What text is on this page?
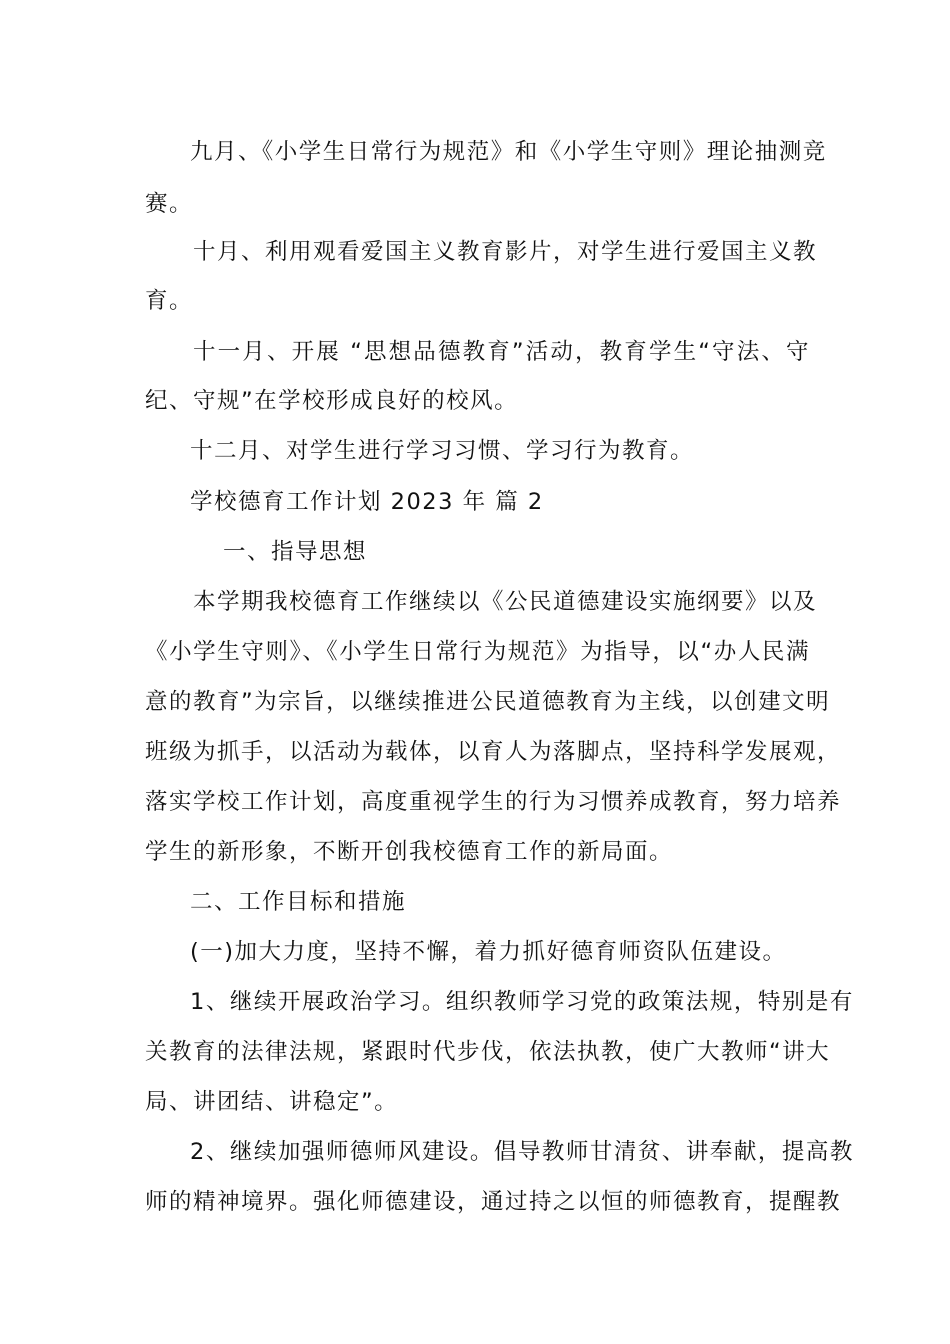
九月、《小学生日常行为规范》和《小学生守则》理论抽测竞
赛。
十月、利用观看爱国主义教育影片，对学生进行爱国主义教
育。
十一月、开展 “思想品德教育”活动，教育学生“守法、守
纪、守规”在学校形成良好的校风。
十二月、对学生进行学习习惯、学习行为教育。
学校德育工作计划 2023 年 篇 2
一、指导思想
本学期我校德育工作继续以《公民道德建设实施纲要》以及
《小学生守则》、《小学生日常行为规范》为指导，以“办人民满
意的教育”为宗旨，以继续推进公民道德教育为主线，以创建文明
班级为抓手，以活动为载体，以育人为落脚点，坚持科学发展观，
落实学校工作计划，高度重视学生的行为习惯养成教育，努力培养
学生的新形象，不断开创我校德育工作的新局面。
二、工作目标和措施
(一)加大力度，坚持不懈，着力抓好德育师资队伍建设。
1、继续开展政治学习。组织教师学习党的政策法规，特别是有
关教育的法律法规，紧跟时代步伐，依法执教，使广大教师“讲大
局、讲团结、讲稳定”。
2、继续加强师德师风建设。倡导教师甘清贫、讲奉献，提高教
师的精神境界。强化师德建设，通过持之以恒的师德教育，提醒教
